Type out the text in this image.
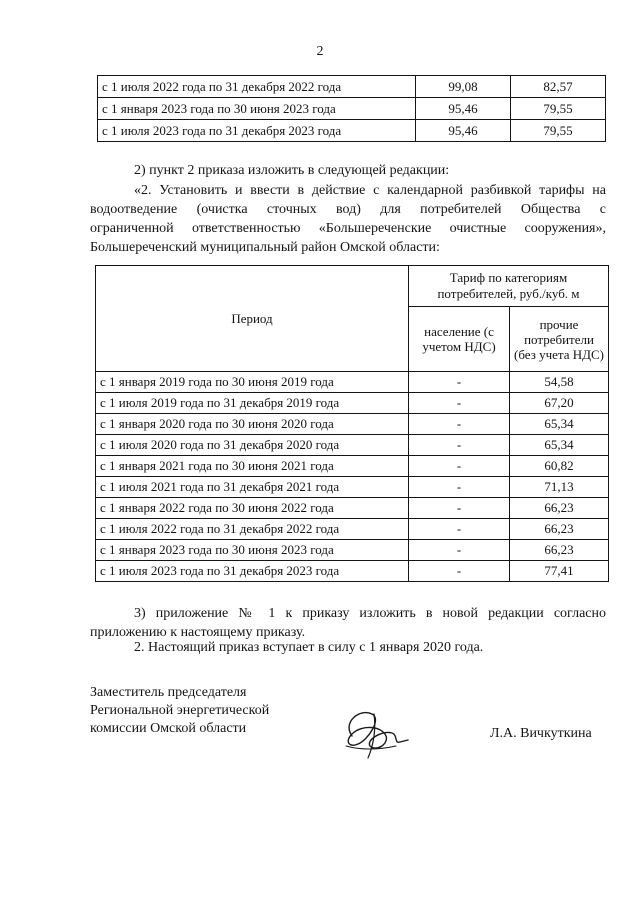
2
с 1 июля 2022 года по 31 декабря 2022 года	99,08	82,57
с 1 января 2023 года по 30 июня 2023 года	95,46	79,55
с 1 июля 2023 года по 31 декабря 2023 года	95,46	79,55

2) пункт 2 приказа изложить в следующей редакции:

«2. Установить и ввести в действие с календарной разбивкой тарифы на

водоотведение (очистка сточных вод) для потребителей Общества с

ограниченной ответственностью «Большереченские очистные сооружения»,

Большереченский муниципальный район Омской области:

Период	Тариф по категориям
потребителей, руб./куб. м	

	население (с учетом НДС)	прочие потребители (без учета НДС)
с 1 января 2019 года по 30 июня 2019 года	-	54,58
с 1 июля 2019 года по 31 декабря 2019 года	-	67,20
с 1 января 2020 года по 30 июня 2020 года	-	65,34
с 1 июля 2020 года по 31 декабря 2020 года	-	65,34
с 1 января 2021 года по 30 июня 2021 года	-	60,82
с 1 июля 2021 года по 31 декабря 2021 года	-	71,13
с 1 января 2022 года по 30 июня 2022 года	-	66,23
с 1 июля 2022 года по 31 декабря 2022 года	-	66,23
с 1 января 2023 года по 30 июня 2023 года	-	66,23
с 1 июля 2023 года по 31 декабря 2023 года	-	77,41

3) приложение № 1 к приказу изложить в новой редакции согласно

приложению к настоящему приказу.

2. Настоящий приказ вступает в силу с 1 января 2020 года.

Заместитель председателя
Региональной энергетической
комиссии Омской области	Л.А. Вичкуткина
